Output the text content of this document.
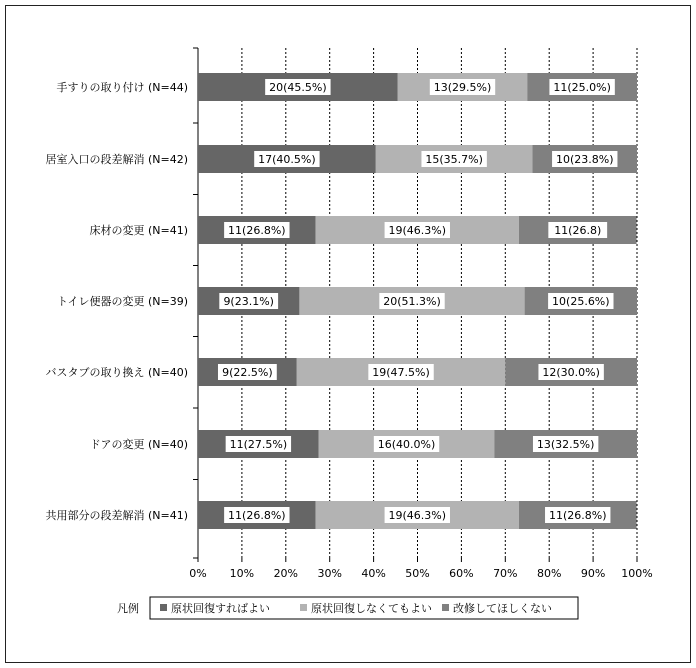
20(45.5%)	13(29.5%)	11(25.0%)
手すりの取り付け (N=44)
17(40.5%)	15(35.7%)	10(23.8%)
居室入口の段差解消 (N=42)
11(26.8%)	19(46.3%)	11(26.8)
床材の変更 (N=41)
9(23.1%)	20(51.3%)	10(25.6%)
トイレ便器の変更 (N=39)
9(22.5%)	19(47.5%)	12(30.0%)
バスタブの取り換え (N=40)
11(27.5%)	16(40.0%)	13(32.5%)
ドアの変更 (N=40)
11(26.8%)	19(46.3%)	11(26.8%)
共用部分の段差解消 (N=41)
0% 10% 20% 30% 40% 50% 60% 70% 80% 90% 100%
凡例	原状回復すればよい	原状回復しなくてもよい 改修してほしくない
